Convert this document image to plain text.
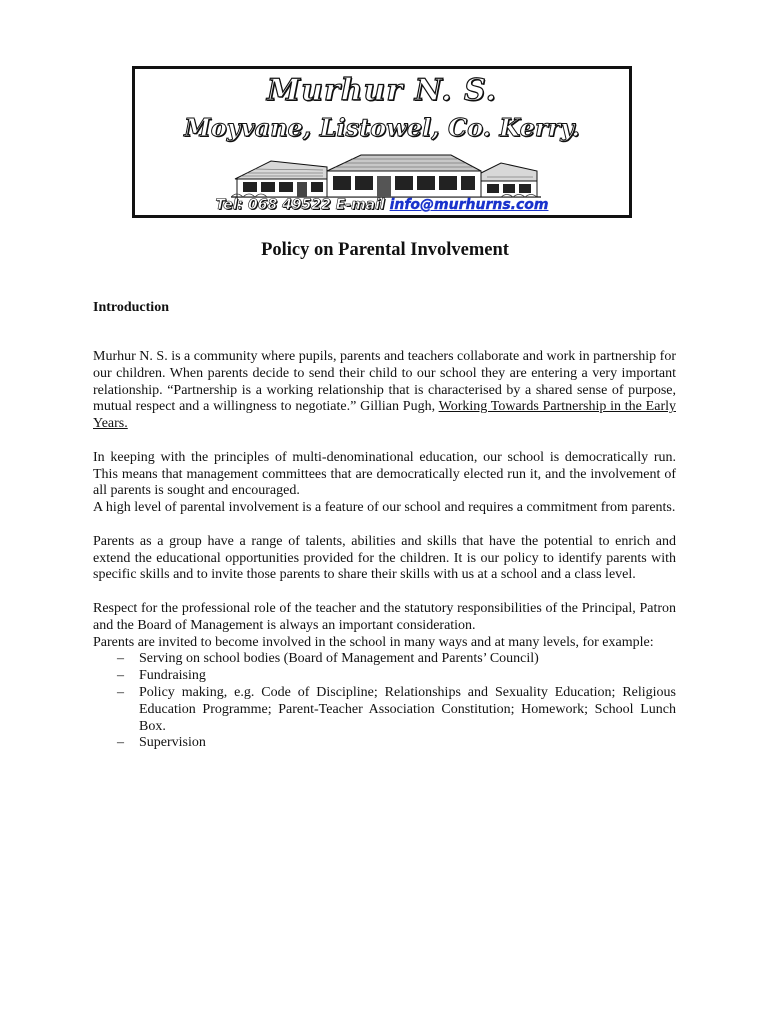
Murhur N. S.
Moyvane, Listowel, Co. Kerry.
Tel: 068 49522 E-mail info@murhurns.com
Policy on Parental Involvement
Introduction

Murhur N. S. is a community where pupils, parents and teachers collaborate and work in partnership for our children. When parents decide to send their child to our school they are entering a very important relationship. “Partnership is a working relationship that is characterised by a shared sense of purpose, mutual respect and a willingness to negotiate.” Gillian Pugh, Working Towards Partnership in the Early Years.

In keeping with the principles of multi-denominational education, our school is democratically run. This means that management committees that are democratically elected run it, and the involvement of all parents is sought and encouraged.

A high level of parental involvement is a feature of our school and requires a commitment from parents.

Parents as a group have a range of talents, abilities and skills that have the potential to enrich and extend the educational opportunities provided for the children. It is our policy to identify parents with specific skills and to invite those parents to share their skills with us at a school and a class level.

Respect for the professional role of the teacher and the statutory responsibilities of the Principal, Patron and the Board of Management is always an important consideration.

Parents are invited to become involved in the school in many ways and at many levels, for example:

– Serving on school bodies (Board of Management and Parents’ Council)
– Fundraising
– Policy making, e.g. Code of Discipline; Relationships and Sexuality Education; Religious Education Programme; Parent-Teacher Association Constitution; Homework; School Lunch Box.
– Supervision
